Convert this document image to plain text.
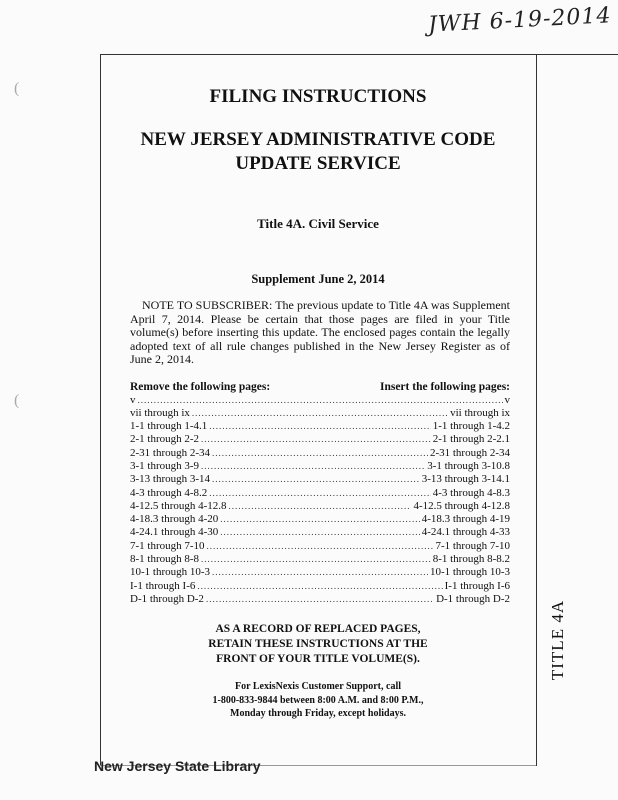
JWH 6-19-2014
(
(
TITLE 4A
FILING INSTRUCTIONS
NEW JERSEY ADMINISTRATIVE CODE
UPDATE SERVICE
Title 4A. Civil Service
Supplement June 2, 2014

NOTE TO SUBSCRIBER: The previous update to Title 4A was Supplement April 7, 2014. Please be certain that those pages are filed in your Title volume(s) before inserting this update. The enclosed pages contain the legally adopted text of all rule changes published in the New Jersey Register as of June 2, 2014.

Remove the following pages:	Insert the following pages:
v .....	v
vii through ix .....	vii through ix
1-1 through 1-4.1 .....	1-1 through 1-4.2
2-1 through 2-2 .....	2-1 through 2-2.1
2-31 through 2-34 .....	2-31 through 2-34
3-1 through 3-9 .....	3-1 through 3-10.8
3-13 through 3-14 .....	3-13 through 3-14.1
4-3 through 4-8.2 .....	4-3 through 4-8.3
4-12.5 through 4-12.8 .....	4-12.5 through 4-12.8
4-18.3 through 4-20 .....	4-18.3 through 4-19
4-24.1 through 4-30 .....	4-24.1 through 4-33
7-1 through 7-10 .....	7-1 through 7-10
8-1 through 8-8 .....	8-1 through 8-8.2
10-1 through 10-3 .....	10-1 through 10-3
I-1 through I-6 .....	I-1 through I-6
D-1 through D-2 .....	D-1 through D-2
AS A RECORD OF REPLACED PAGES,
RETAIN THESE INSTRUCTIONS AT THE
FRONT OF YOUR TITLE VOLUME(S).
For LexisNexis Customer Support, call
1-800-833-9844 between 8:00 A.M. and 8:00 P.M.,
Monday through Friday, except holidays.
New Jersey State Library
